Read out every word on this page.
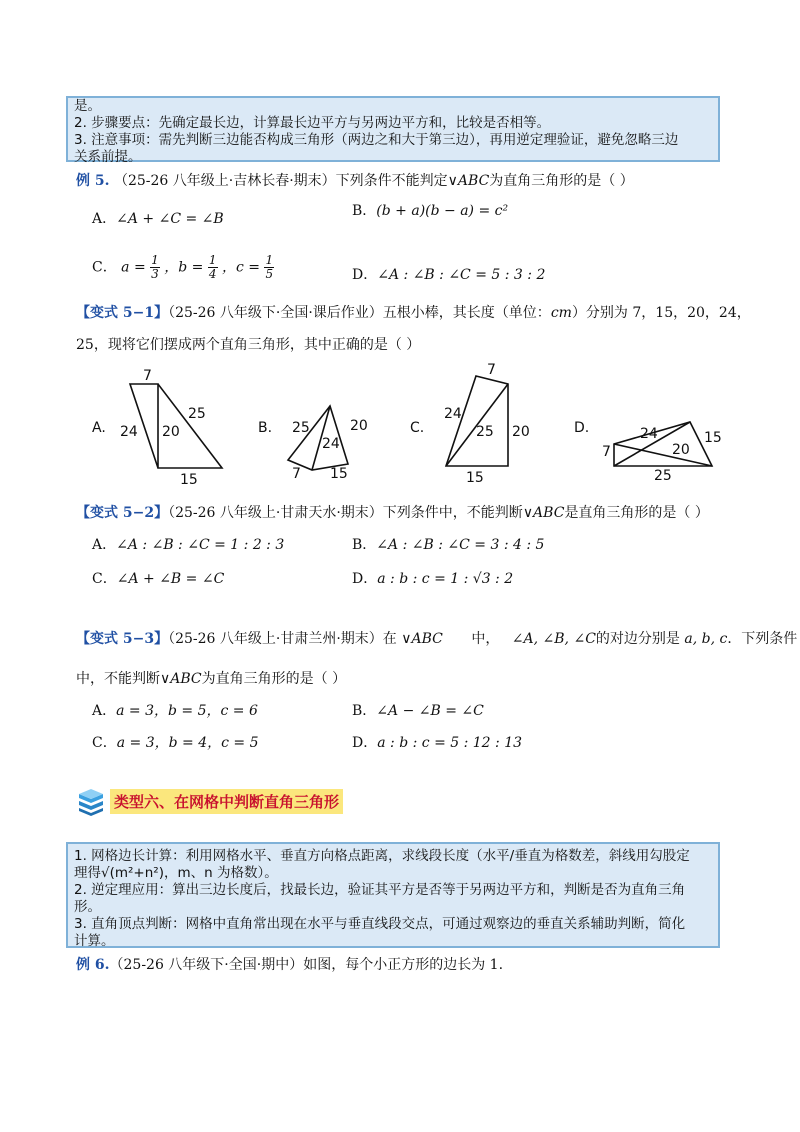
是。
2. 步骤要点：先确定最长边，计算最长边平方与另两边平方和，比较是否相等。
3. 注意事项：需先判断三边能否构成三角形（两边之和大于第三边），再用逆定理验证，避免忽略三边
关系前提。
例 5. （25-26 八年级上·吉林长春·期末）下列条件不能判定∨ABC为直角三角形的是（ ）
A．∠A + ∠C = ∠B	B．(b + a)(b − a) = c²
C． $a = \frac{1}{3}$ ，$b = \frac{1}{4}$ ，$c = \frac{1}{5}$	D．∠A : ∠B : ∠C = 5 : 3 : 2
【变式 5−1】（25-26 八年级下·全国·课后作业）五根小棒，其长度（单位：cm）分别为 7，15，20，24，
25，现将它们摆成两个直角三角形，其中正确的是（ ）
A.
7
24 20
25
15
B. 25	20
24
7 15
C.
7
24
25 20
15
D.	24	15
7	20
25
【变式 5−2】（25-26 八年级上·甘肃天水·期末）下列条件中，不能判断∨ABC是直角三角形的是（ ）
A．∠A : ∠B : ∠C = 1 : 2 : 3	B．∠A : ∠B : ∠C = 3 : 4 : 5
C．∠A + ∠B = ∠C	D．a : b : c = 1 : √3 : 2
【变式 5−3】（25-26 八年级上·甘肃兰州·期末）在 ∨ABC 中， ∠A, ∠B, ∠C的对边分别是 a, b, c．下列条件
中，不能判断∨ABC为直角三角形的是（ ）
A．a = 3，b = 5，c = 6	B．∠A − ∠B = ∠C
C．a = 3，b = 4，c = 5	D．a : b : c = 5 : 12 : 13
类型六、在网格中判断直角三角形
1. 网格边长计算：利用网格水平、垂直方向格点距离，求线段长度（水平/垂直为格数差，斜线用勾股定
理得√(m²+n²)，m、n 为格数）。
2. 逆定理应用：算出三边长度后，找最长边，验证其平方是否等于另两边平方和，判断是否为直角三角
形。
3. 直角顶点判断：网格中直角常出现在水平与垂直线段交点，可通过观察边的垂直关系辅助判断，简化
计算。
例 6.（25-26 八年级下·全国·期中）如图，每个小正方形的边长为 1.
